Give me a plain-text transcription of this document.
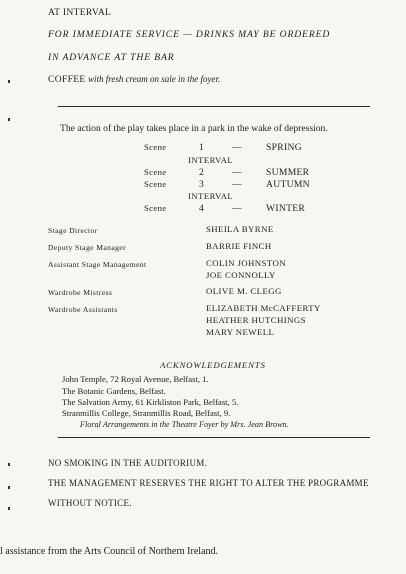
AT INTERVAL
FOR IMMEDIATE SERVICE — DRINKS MAY BE ORDERED
IN ADVANCE AT THE BAR
COFFEE with fresh cream on sale in the foyer.
The action of the play takes place in a park in the wake of depression.
Scene	1	—	SPRING
INTERVAL
Scene	2	—	SUMMER
Scene	3	—	AUTUMN
INTERVAL
Scene	4	—	WINTER
Stage Director	SHEILA BYRNE
Deputy Stage Manager	BARRIE FINCH
Assistant Stage Management	COLIN JOHNSTON
JOE CONNOLLY
Wardrobe Mistress	OLIVE M. CLEGG
Wardrobe Assistants	ELIZABETH McCAFFERTY
HEATHER HUTCHINGS
MARY NEWELL
ACKNOWLEDGEMENTS
John Temple, 72 Royal Avenue, Belfast, 1.
The Botanic Gardens, Belfast.
The Salvation Army, 61 Kirkliston Park, Belfast, 5.
Stranmillis College, Stranmillis Road, Belfast, 9.
Floral Arrangements in the Theatre Foyer by Mrs. Jean Brown.
NO SMOKING IN THE AUDITORIUM.
THE MANAGEMENT RESERVES THE RIGHT TO ALTER THE PROGRAMME
WITHOUT NOTICE.
l assistance from the Arts Council of Northern Ireland.
